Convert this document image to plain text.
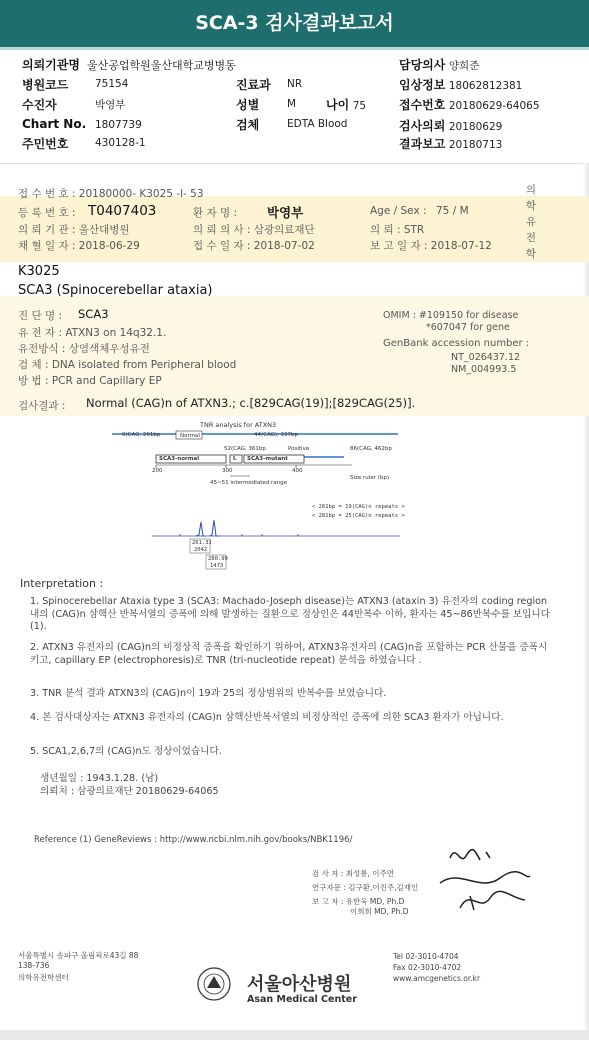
SCA-3 검사결과보고서
의뢰기관명 울산공업학원울산대학교병병동	담당의사 양희준
병원코드	75154	진료과 NR	임상정보 18062812381
수진자	박영부	성별	M 나이 75	접수번호 20180629-64065
Chart No. 1807739	검체	EDTA Blood	검사의뢰 20180629
주민번호	430128-1	결과보고 20180713
접 수 번 호 : 20180000- K3025 -l- 53
등 록 번 호 : T0407403	환 자 명 : 박영부	Age / Sex : 75 / M
의 뢰 기 관 : 울산대병원	의 뢰 의 사 : 삼광의료재단	의 뢰 : STR
채 혈 일 자 : 2018-06-29	접 수 일 자 : 2018-07-02	보 고 일 자 : 2018-07-12
의학유전학
K3025
SCA3 (Spinocerebellar ataxia)
진 단 명 : SCA3
유 전 자 : ATXN3 on 14q32.1.
유전방식 : 상염색체우성유전
검 체 : DNA isolated from Peripheral blood
방 법 : PCR and Capillary EP
OMIM : #109150 for disease
*607047 for gene
GenBank accession number :
NT_026437.12
NM_004993.5
검사결과 : Normal (CAG)n of ATXN3.; c.[829CAG(19)];[829CAG(25)].
TNR analysis for ATXN3
0(CAG, 261bp	Normal	44(CAG), 337bp
52(CAG, 361bp	Positive	86(CAG, 462bp
SCA3-normal	I. SCA3-mutant
200	300	400
Size ruler (bp)
45~51 intermediated range
< 261bp = 19(CAG)n repeats >
< 281bp = 25(CAG)n repeats >
261.31
2042
280.99
1473
Interpretation :
1. Spinocerebellar Ataxia type 3 (SCA3: Machado-Joseph disease)는 ATXN3 (ataxin 3) 유전자의 coding region 내의 (CAG)n 삼핵산 반복서열의 증폭에 의해 발생하는 질환으로 정상인은 44반복수 이하, 환자는 45~86반복수를 보입니다 (1).
2. ATXN3 유전자의 (CAG)n의 비정상적 증폭을 확인하기 위하여, ATXN3유전자의 (CAG)n을 포함하는 PCR 산물을 증폭시키고, capillary EP (electrophoresis)로 TNR (tri-nucleotide repeat) 분석을 하였습니다 .
3. TNR 분석 결과 ATXN3의 (CAG)n이 19과 25의 정상범위의 반복수를 보였습니다.
4. 본 검사대상자는 ATXN3 유전자의 (CAG)n 삼핵산반복서열의 비정상적인 증폭에 의한 SCA3 환자가 아닙니다.
5. SCA1,2,6,7의 (CAG)n도 정상이었습니다.
생년월일 : 1943.1.28. (남)
의뢰처 : 삼광의료재단 20180629-64065
Reference (1) GeneReviews : http://www.ncbi.nlm.nih.gov/books/NBK1196/
검 사 자 : 최성룡, 이주연
연구자문 : 김구환,이진주,김재인
보 고 자 : 유한욱 MD, Ph.D
이희희 MD, Ph.D
서울특별시 송파구 올림픽로43길 88
138-736
의학유전학센터	서울아산병원
Asan Medical Center
Tel 02-3010-4704
Fax 02-3010-4702
www.amcgenetics.or.kr
